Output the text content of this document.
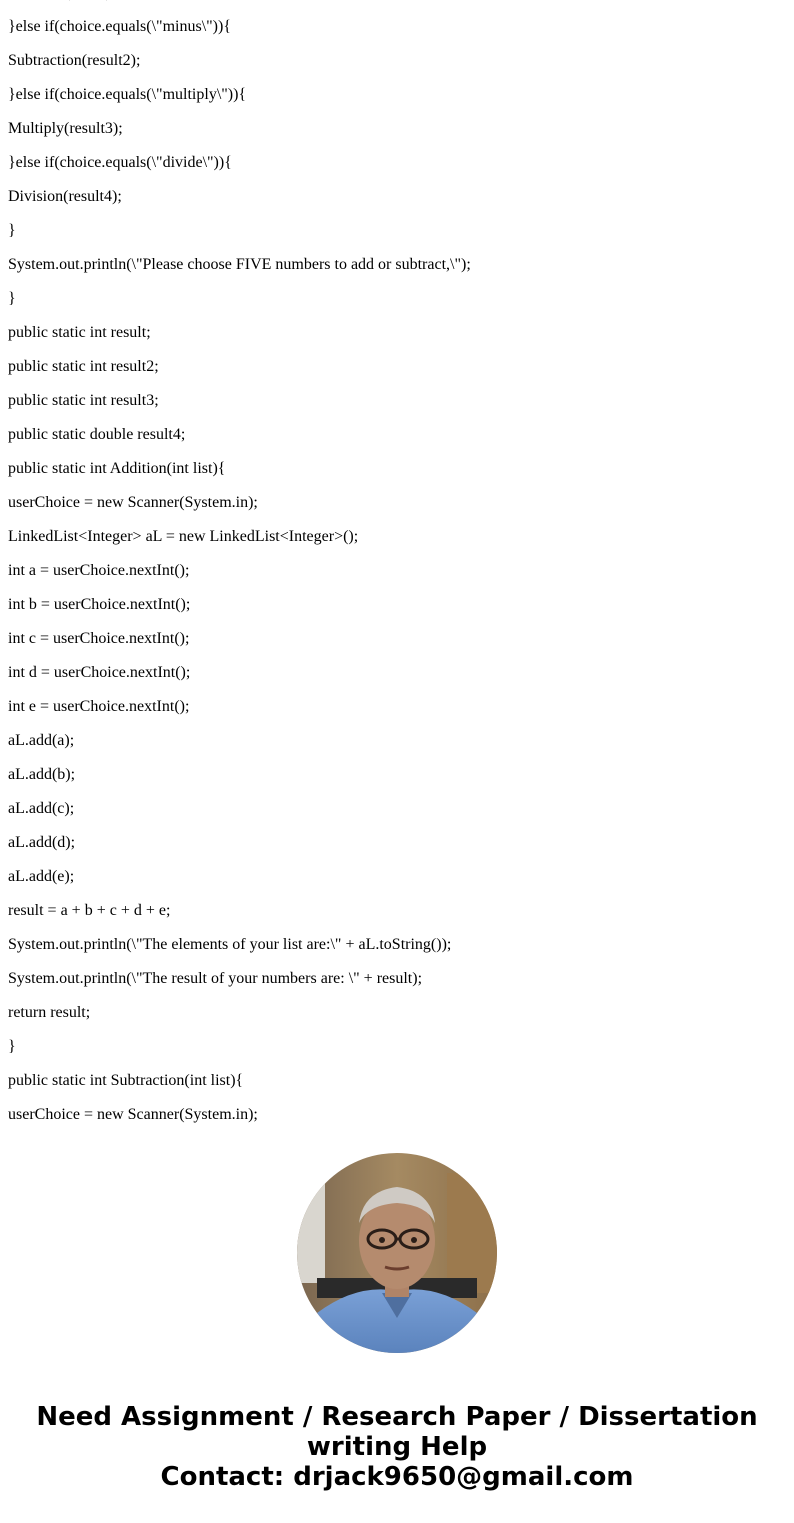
}else if(choice.equals(\"minus\")){

Subtraction(result2);

}else if(choice.equals(\"multiply\")){

Multiply(result3);

}else if(choice.equals(\"divide\")){

Division(result4);

}

System.out.println(\"Please choose FIVE numbers to add or subtract,\");

}

public static int result;

public static int result2;

public static int result3;

public static double result4;

public static int Addition(int list){

userChoice = new Scanner(System.in);

LinkedList<Integer> aL = new LinkedList<Integer>();

int a = userChoice.nextInt();

int b = userChoice.nextInt();

int c = userChoice.nextInt();

int d = userChoice.nextInt();

int e = userChoice.nextInt();

aL.add(a);

aL.add(b);

aL.add(c);

aL.add(d);

aL.add(e);

result = a + b + c + d + e;

System.out.println(\"The elements of your list are:\" + aL.toString());

System.out.println(\"The result of your numbers are: \" + result);

return result;

}

public static int Subtraction(int list){

userChoice = new Scanner(System.in);

Need Assignment / Research Paper / Dissertation
writing Help
Contact: drjack9650@gmail.com
